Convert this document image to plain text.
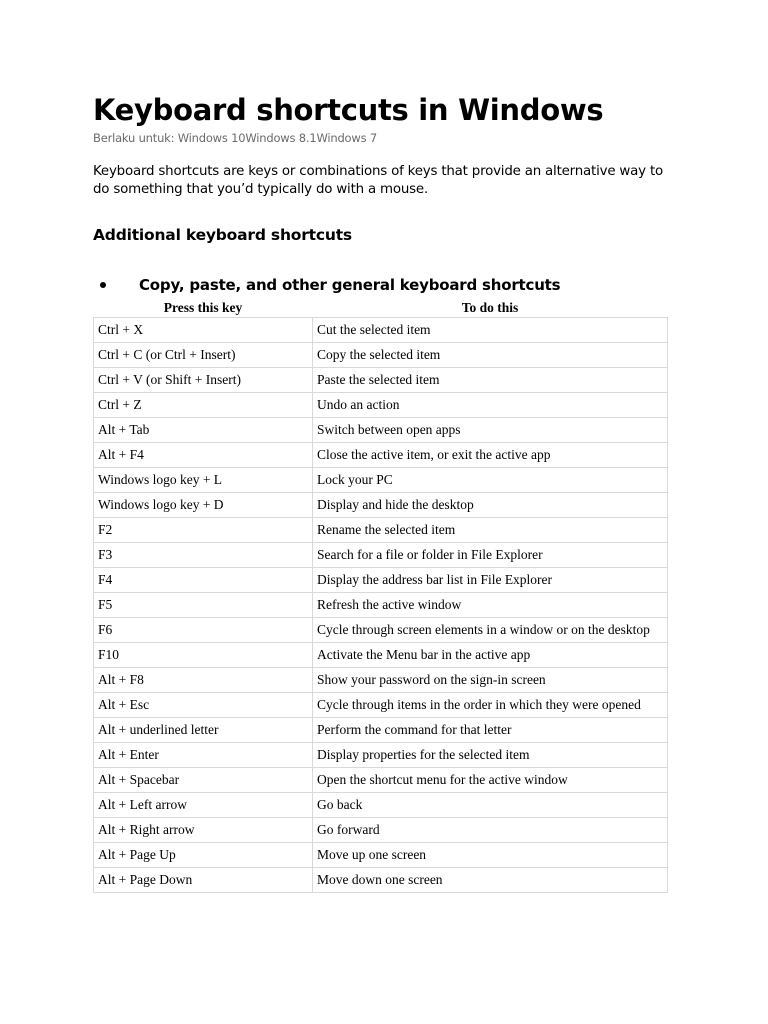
Keyboard shortcuts in Windows
Berlaku untuk: Windows 10Windows 8.1Windows 7
Keyboard shortcuts are keys or combinations of keys that provide an alternative way to do something that you’d typically do with a mouse.
Additional keyboard shortcuts
Copy, paste, and other general keyboard shortcuts
Press this key	To do this
Ctrl + X	Cut the selected item
Ctrl + C (or Ctrl + Insert)	Copy the selected item
Ctrl + V (or Shift + Insert)	Paste the selected item
Ctrl + Z	Undo an action
Alt + Tab	Switch between open apps
Alt + F4	Close the active item, or exit the active app
Windows logo key + L	Lock your PC
Windows logo key + D	Display and hide the desktop
F2	Rename the selected item
F3	Search for a file or folder in File Explorer
F4	Display the address bar list in File Explorer
F5	Refresh the active window
F6	Cycle through screen elements in a window or on the desktop
F10	Activate the Menu bar in the active app
Alt + F8	Show your password on the sign-in screen
Alt + Esc	Cycle through items in the order in which they were opened
Alt + underlined letter	Perform the command for that letter
Alt + Enter	Display properties for the selected item
Alt + Spacebar	Open the shortcut menu for the active window
Alt + Left arrow	Go back
Alt + Right arrow	Go forward
Alt + Page Up	Move up one screen
Alt + Page Down	Move down one screen
